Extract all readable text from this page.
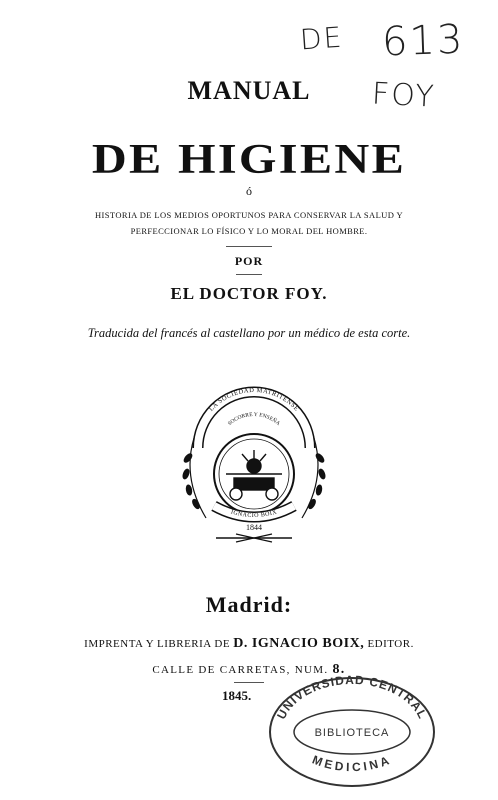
DE 613
FOY
MANUAL
DE HIGIENE
ó
HISTORIA DE LOS MEDIOS OPORTUNOS PARA CONSERVAR LA SALUD Y
PERFECCIONAR LO FÍSICO Y LO MORAL DEL HOMBRE.
POR
EL DOCTOR FOY.
Traducida del francés al castellano por un médico de esta corte.
LA SOCIEDAD MATRITENSE
SOCORRE Y ENSEÑA
IGNACIO BOIX
1844
Madrid:
IMPRENTA Y LIBRERIA DE D. IGNACIO BOIX, EDITOR.
CALLE DE CARRETAS, NUM. 8.
1845.
UNIVERSIDAD CENTRAL
BIBLIOTECA
MEDICINA
